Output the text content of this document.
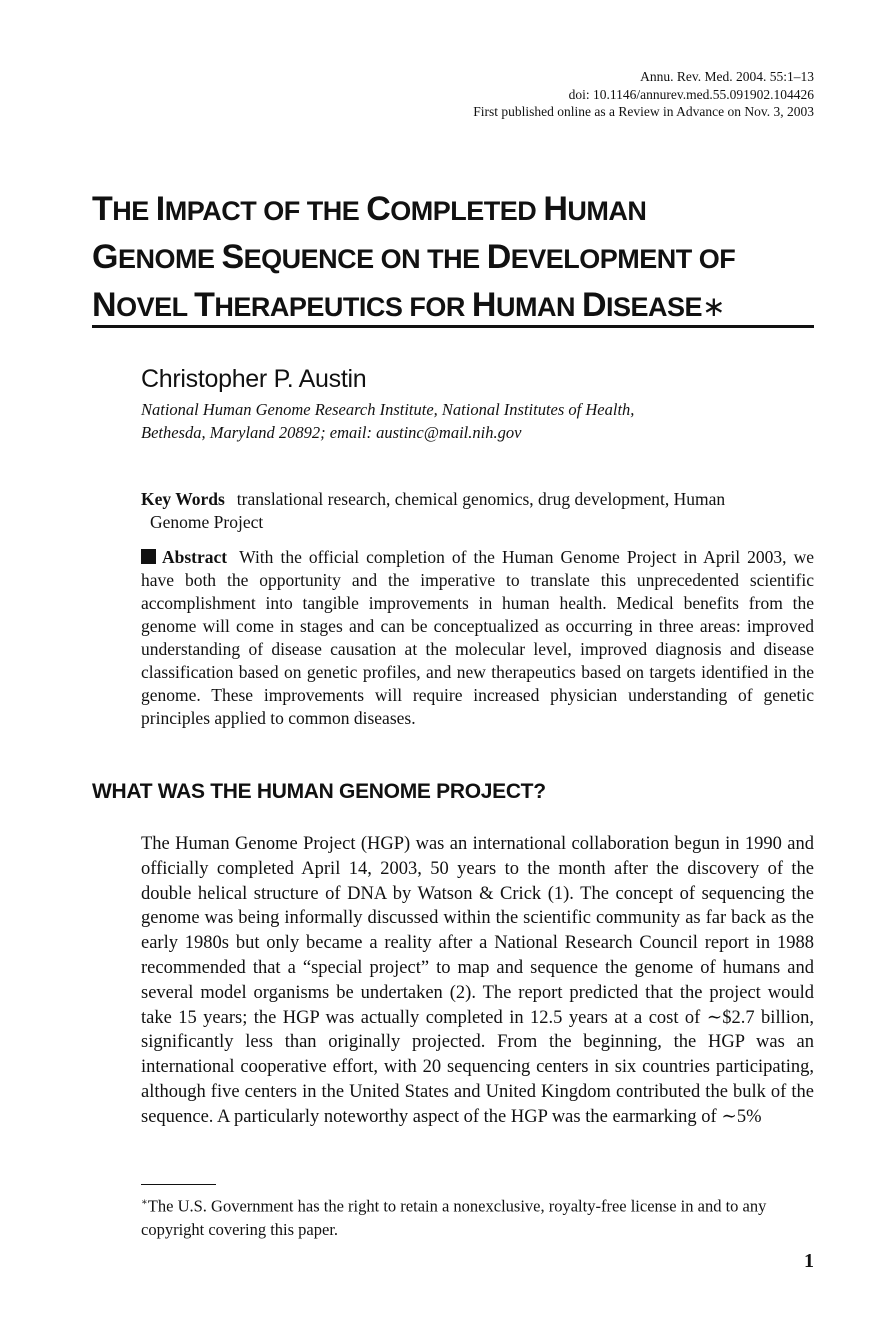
Annu. Rev. Med. 2004. 55:1–13
doi: 10.1146/annurev.med.55.091902.104426
First published online as a Review in Advance on Nov. 3, 2003
THE IMPACT OF THE COMPLETED HUMAN
GENOME SEQUENCE ON THE DEVELOPMENT OF
NOVEL THERAPEUTICS FOR HUMAN DISEASE∗
Christopher P. Austin
National Human Genome Research Institute, National Institutes of Health,
Bethesda, Maryland 20892; email: austinc@mail.nih.gov
Key Words translational research, chemical genomics, drug development, Human
Genome Project
Abstract With the official completion of the Human Genome Project in April 2003, we have both the opportunity and the imperative to translate this unprecedented scientific accomplishment into tangible improvements in human health. Medical benefits from the genome will come in stages and can be conceptualized as occurring in three areas: improved understanding of disease causation at the molecular level, improved diagnosis and disease classification based on genetic profiles, and new therapeutics based on targets identified in the genome. These improvements will require increased physician understanding of genetic principles applied to common diseases.
WHAT WAS THE HUMAN GENOME PROJECT?

The Human Genome Project (HGP) was an international collaboration begun in 1990 and officially completed April 14, 2003, 50 years to the month after the discovery of the double helical structure of DNA by Watson & Crick (1). The concept of sequencing the genome was being informally discussed within the scientific community as far back as the early 1980s but only became a reality after a National Research Council report in 1988 recommended that a “special project” to map and sequence the genome of humans and several model organisms be undertaken (2). The report predicted that the project would take 15 years; the HGP was actually completed in 12.5 years at a cost of ∼$2.7 billion, significantly less than originally projected. From the beginning, the HGP was an international cooperative effort, with 20 sequencing centers in six countries participating, although five centers in the United States and United Kingdom contributed the bulk of the sequence. A particularly noteworthy aspect of the HGP was the earmarking of ∼5%

∗The U.S. Government has the right to retain a nonexclusive, royalty-free license in and to any copyright covering this paper.

1
